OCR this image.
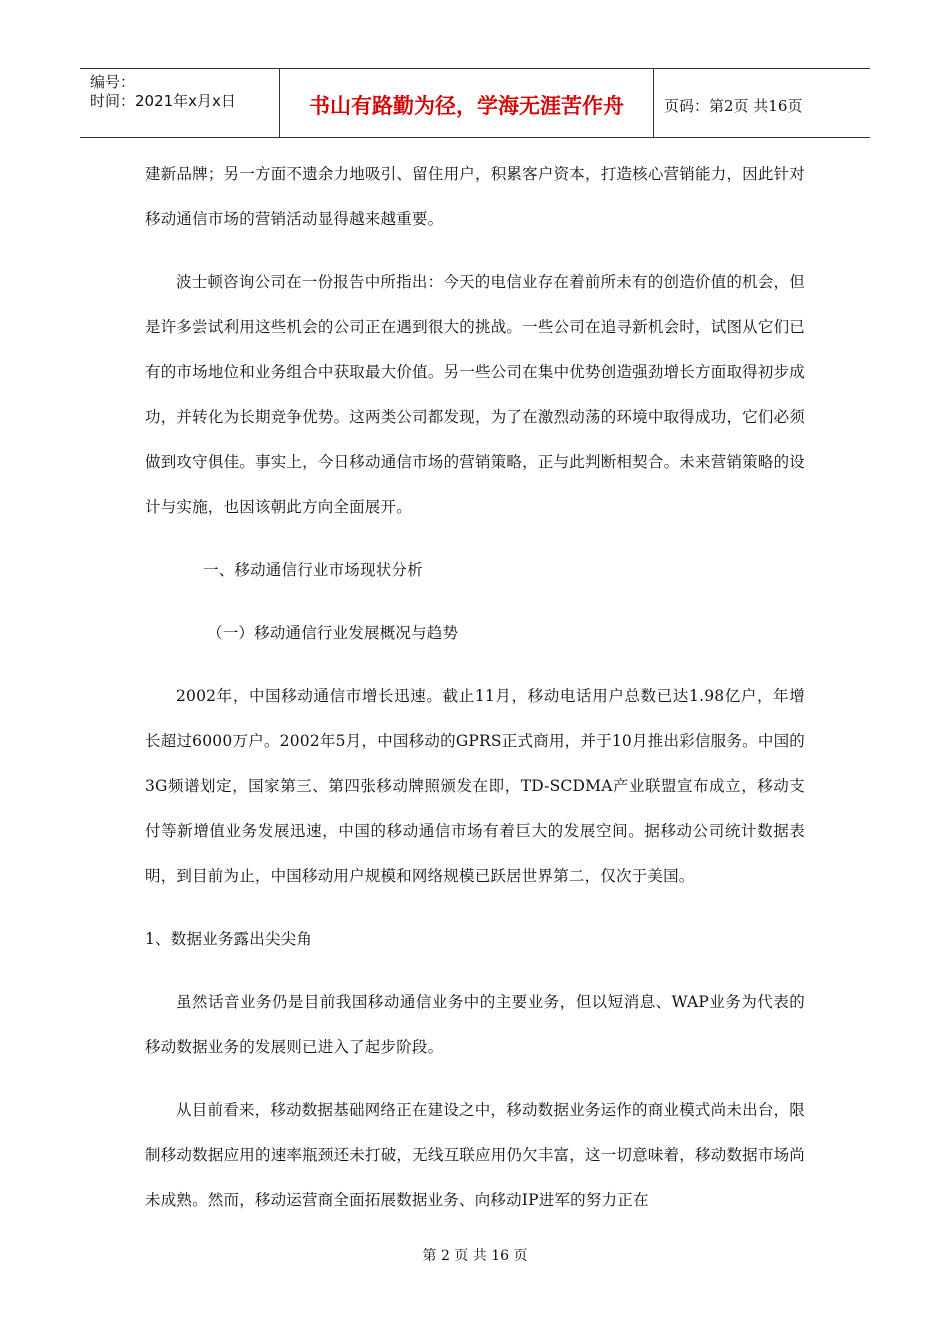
编号：
时间：2021年x月x日	书山有路勤为径，学海无涯苦作舟	页码：第2页 共16页

建新品牌；另一方面不遗余力地吸引、留住用户，积累客户资本，打造核心营销能力，因此针对移动通信市场的营销活动显得越来越重要。

波士顿咨询公司在一份报告中所指出：今天的电信业存在着前所未有的创造价值的机会，但是许多尝试利用这些机会的公司正在遇到很大的挑战。一些公司在追寻新机会时，试图从它们已有的市场地位和业务组合中获取最大价值。另一些公司在集中优势创造强劲增长方面取得初步成功，并转化为长期竞争优势。这两类公司都发现，为了在激烈动荡的环境中取得成功，它们必须做到攻守俱佳。事实上，今日移动通信市场的营销策略，正与此判断相契合。未来营销策略的设计与实施，也因该朝此方向全面展开。

一、移动通信行业市场现状分析

（一）移动通信行业发展概况与趋势

2002年，中国移动通信市增长迅速。截止11月，移动电话用户总数已达1.98亿户，年增长超过6000万户。2002年5月，中国移动的GPRS正式商用，并于10月推出彩信服务。中国的3G频谱划定，国家第三、第四张移动牌照颁发在即，TD-SCDMA产业联盟宣布成立，移动支付等新增值业务发展迅速，中国的移动通信市场有着巨大的发展空间。据移动公司统计数据表明，到目前为止，中国移动用户规模和网络规模已跃居世界第二，仅次于美国。

1、数据业务露出尖尖角

虽然话音业务仍是目前我国移动通信业务中的主要业务，但以短消息、WAP业务为代表的移动数据业务的发展则已进入了起步阶段。

从目前看来，移动数据基础网络正在建设之中，移动数据业务运作的商业模式尚未出台，限制移动数据应用的速率瓶颈还未打破，无线互联应用仍欠丰富，这一切意味着，移动数据市场尚未成熟。然而，移动运营商全面拓展数据业务、向移动IP进军的努力正在

第 2 页 共 16 页
